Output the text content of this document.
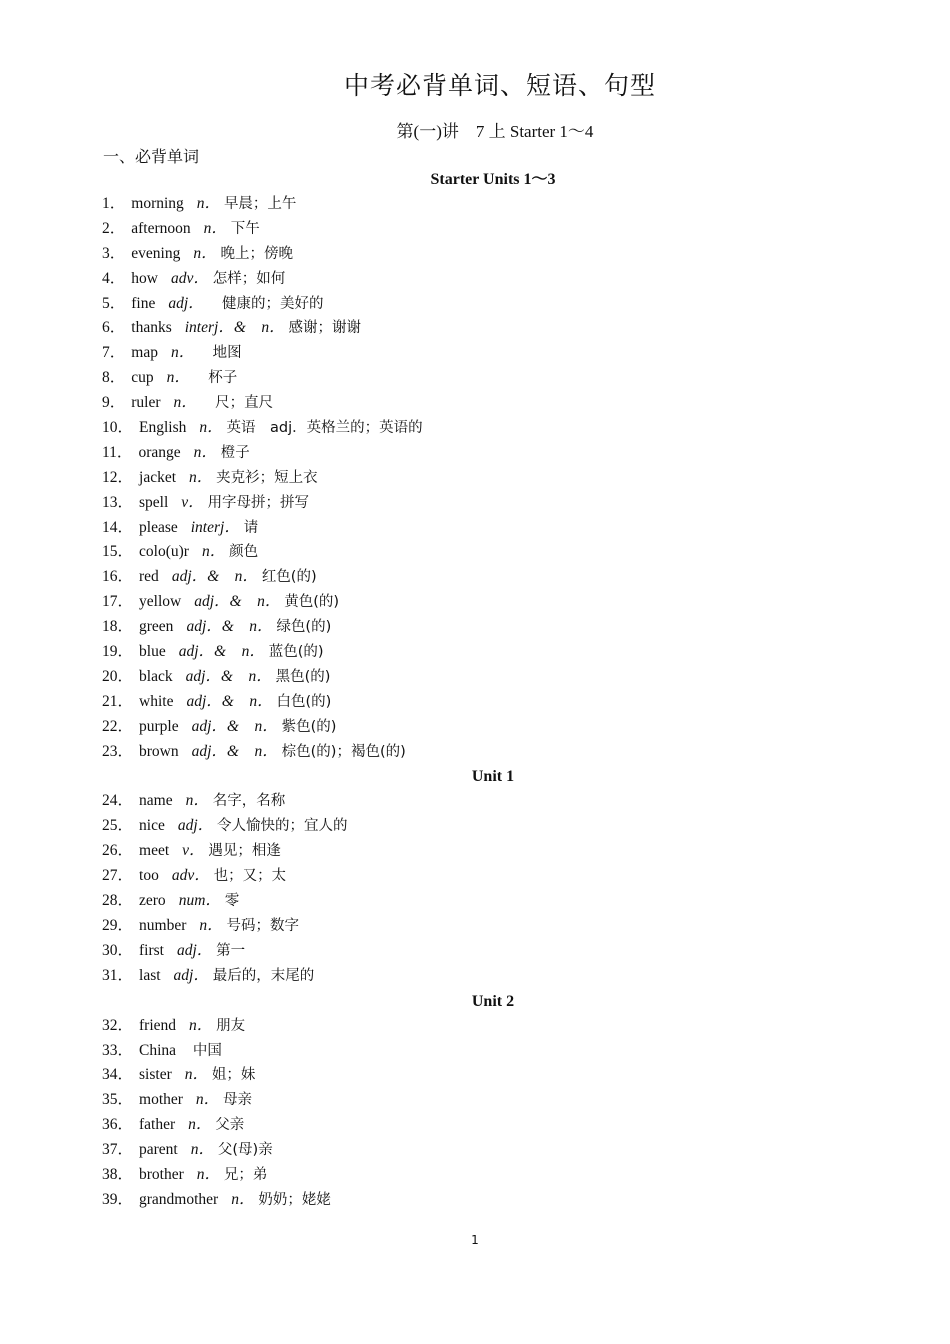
中考必背单词、短语、句型
第(一)讲　7 上 Starter 1～4
一、必背单词
Starter Units 1～3
1． morning n． 早晨；上午
2． afternoon n． 下午
3． evening n． 晚上；傍晚
4． how adv． 怎样；如何
5． fine adj． 　健康的；美好的
6． thanks interj．&　n． 感谢；谢谢
7． map n． 　地图
8． cup n． 　杯子
9． ruler n． 　尺；直尺
10． English n． 英语　adj．英格兰的；英语的
11． orange n． 橙子
12． jacket n． 夹克衫；短上衣
13． spell v． 用字母拼；拼写
14． please interj． 请
15． colo(u)r n． 颜色
16． red adj．&　n． 红色(的)
17． yellow adj．&　n． 黄色(的)
18． green adj．&　n． 绿色(的)
19． blue adj．&　n． 蓝色(的)
20． black adj．&　n． 黑色(的)
21． white adj．&　n． 白色(的)
22． purple adj．&　n． 紫色(的)
23． brown adj．&　n． 棕色(的)；褐色(的)
Unit 1
24． name n． 名字，名称
25． nice adj． 令人愉快的；宜人的
26． meet v． 遇见；相逢
27． too adv． 也；又；太
28． zero num． 零
29． number n． 号码；数字
30． first adj． 第一
31． last adj． 最后的，末尾的
Unit 2
32． friend n． 朋友
33． China 中国
34． sister n． 姐；妹
35． mother n． 母亲
36． father n． 父亲
37． parent n． 父(母)亲
38． brother n． 兄；弟
39． grandmother n． 奶奶；姥姥
1
